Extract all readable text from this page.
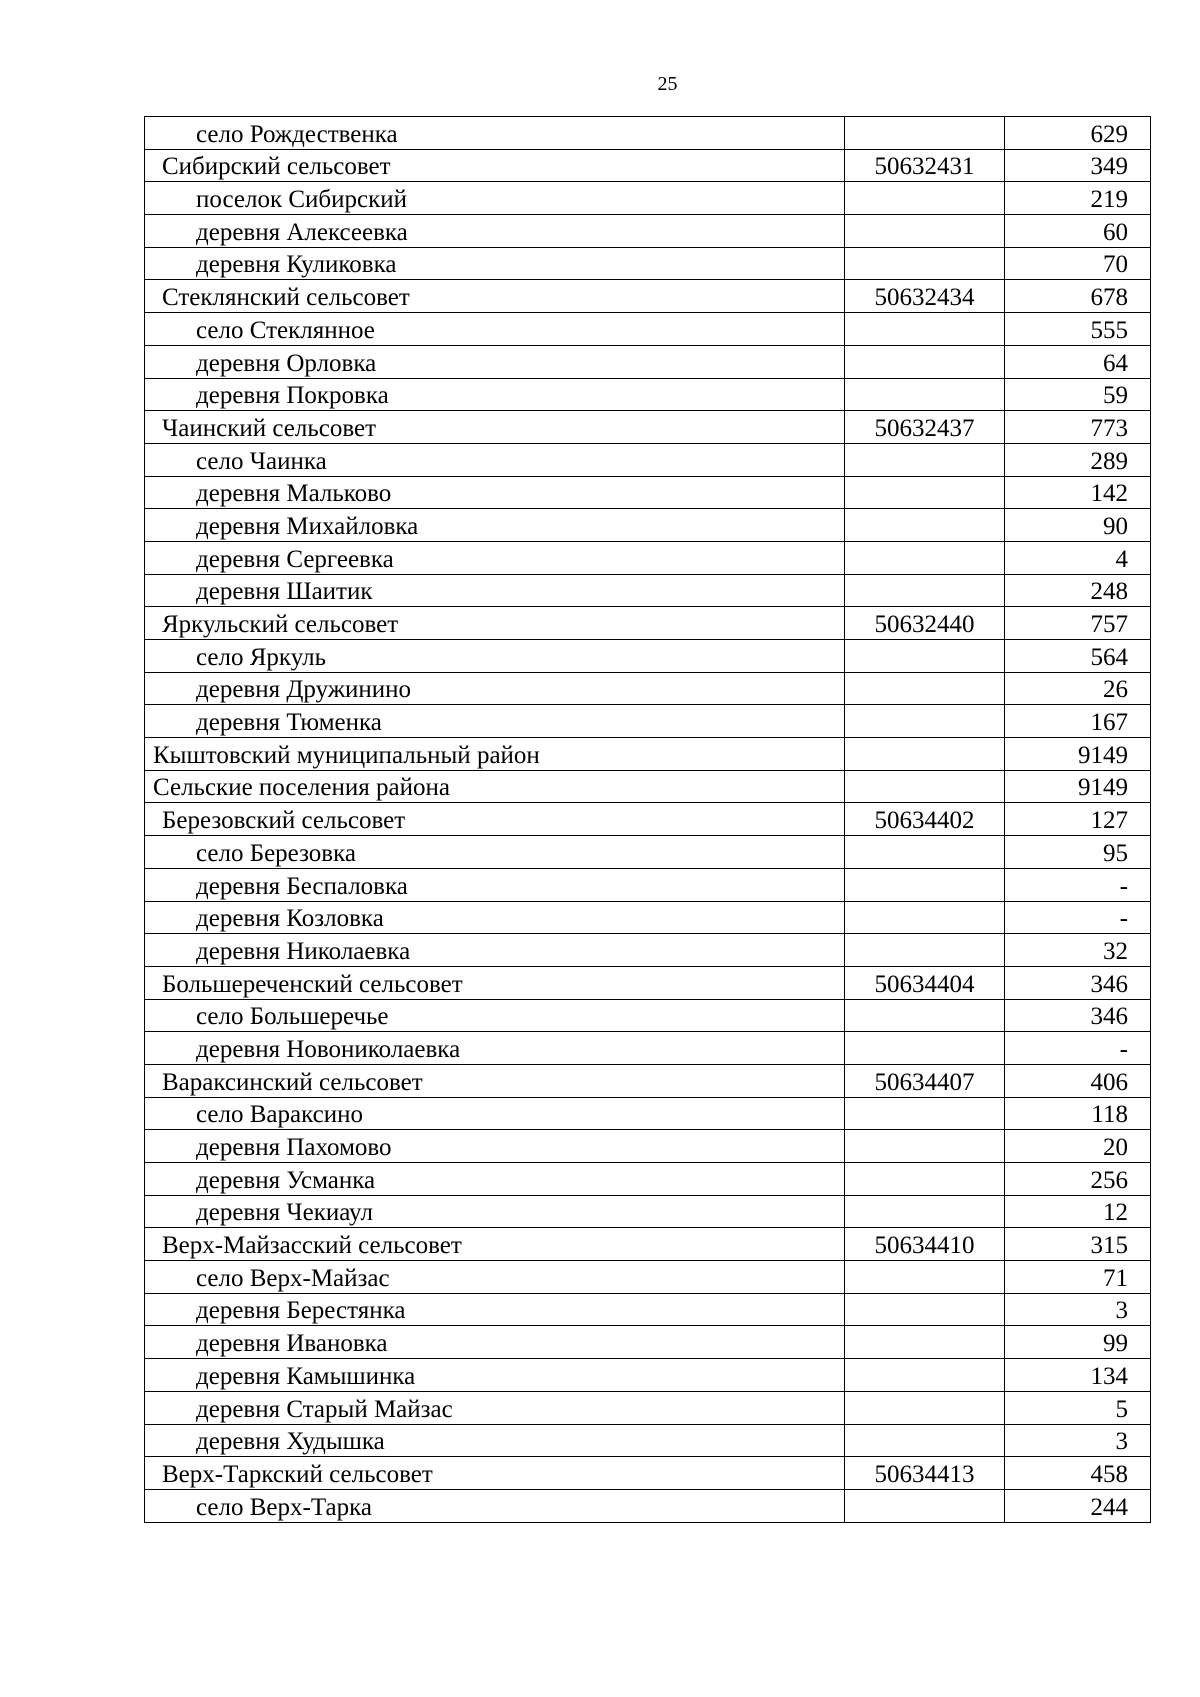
25
село Рождественка		629
Сибирский сельсовет	50632431	349
поселок Сибирский		219
деревня Алексеевка		60
деревня Куликовка		70
Стеклянский сельсовет	50632434	678
село Стеклянное		555
деревня Орловка		64
деревня Покровка		59
Чаинский сельсовет	50632437	773
село Чаинка		289
деревня Мальково		142
деревня Михайловка		90
деревня Сергеевка		4
деревня Шаитик		248
Яркульский сельсовет	50632440	757
село Яркуль		564
деревня Дружинино		26
деревня Тюменка		167
Кыштовский муниципальный район		9149
Сельские поселения района		9149
Березовский сельсовет	50634402	127
село Березовка		95
деревня Беспаловка		-
деревня Козловка		-
деревня Николаевка		32
Большереченский сельсовет	50634404	346
село Большеречье		346
деревня Новониколаевка		-
Вараксинский сельсовет	50634407	406
село Вараксино		118
деревня Пахомово		20
деревня Усманка		256
деревня Чекиаул		12
Верх-Майзасский сельсовет	50634410	315
село Верх-Майзас		71
деревня Берестянка		3
деревня Ивановка		99
деревня Камышинка		134
деревня Старый Майзас		5
деревня Худышка		3
Верх-Таркский сельсовет	50634413	458
село Верх-Тарка		244
